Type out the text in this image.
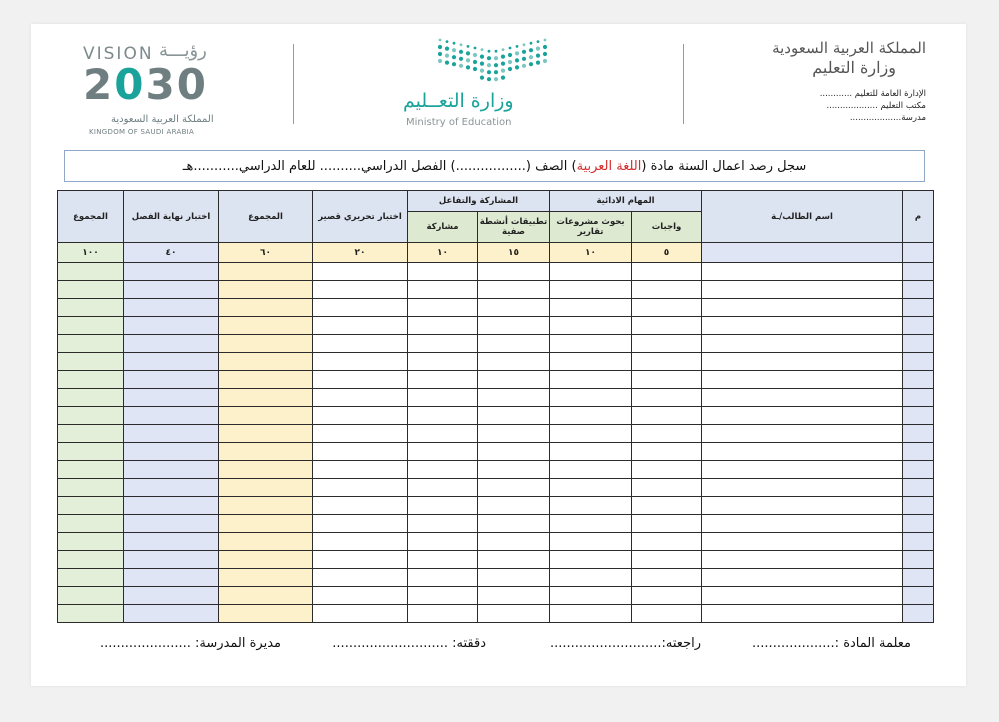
VISION رؤيـــة
2030
المملكة العربية السعودية
KINGDOM OF SAUDI ARABIA
وزارة التعــليم
Ministry of Education
المملكة العربية السعودية
وزارة التعليم
الإدارة العامة للتعليم ............
مكتب التعليم ...................
مدرسة...................
سجل رصد اعمال السنة مادة (
اللغة العربية
) الصف (.................) الفصل الدراسي.......... للعام الدراسي...........هـ
م	اسم الطالب/ـة	المهام الادائية		المشاركة والتفاعل		اختبار تحريري قصير	المجموع	اختبار نهاية الفصل	المجموع
		واجبات	بحوث مشروعات تقارير	تطبيقات أنشطة صفية	مشاركة				
		٥	١٠	١٥	١٠	٢٠	٦٠	٤٠	١٠٠

معلمة المادة :....................
راجعته:...........................
دققته: ............................
مديرة المدرسة: ......................
